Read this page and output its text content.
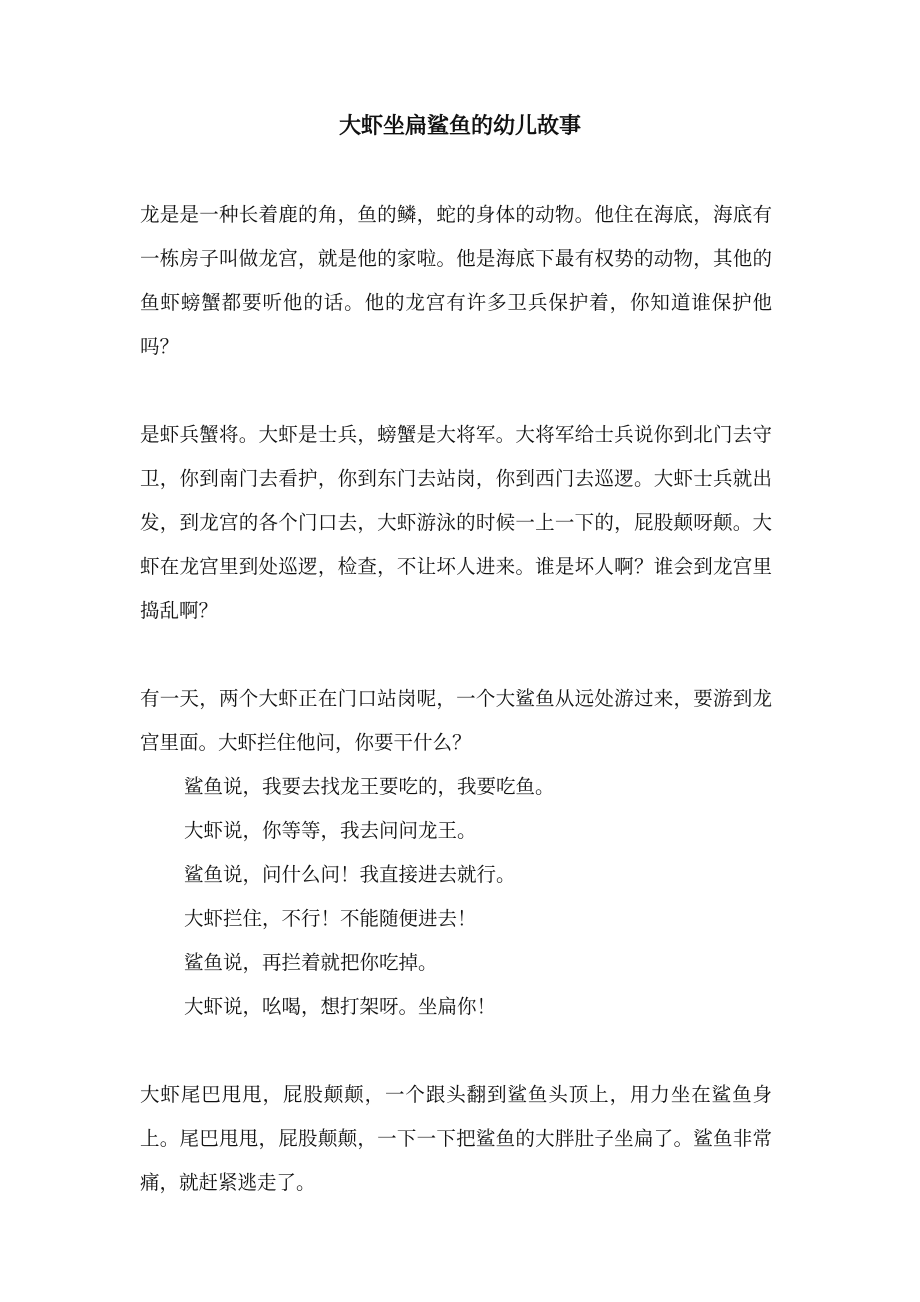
大虾坐扁鲨鱼的幼儿故事

龙是是一种长着鹿的角，鱼的鳞，蛇的身体的动物。他住在海底，海底有一栋房子叫做龙宫，就是他的家啦。他是海底下最有权势的动物，其他的鱼虾螃蟹都要听他的话。他的龙宫有许多卫兵保护着，你知道谁保护他吗？

是虾兵蟹将。大虾是士兵，螃蟹是大将军。大将军给士兵说你到北门去守卫，你到南门去看护，你到东门去站岗，你到西门去巡逻。大虾士兵就出发，到龙宫的各个门口去，大虾游泳的时候一上一下的，屁股颠呀颠。大虾在龙宫里到处巡逻，检查，不让坏人进来。谁是坏人啊？谁会到龙宫里捣乱啊？

有一天，两个大虾正在门口站岗呢，一个大鲨鱼从远处游过来，要游到龙宫里面。大虾拦住他问，你要干什么？

鲨鱼说，我要去找龙王要吃的，我要吃鱼。

大虾说，你等等，我去问问龙王。

鲨鱼说，问什么问！我直接进去就行。

大虾拦住，不行！不能随便进去！

鲨鱼说，再拦着就把你吃掉。

大虾说，吆喝，想打架呀。坐扁你！

大虾尾巴甩甩，屁股颠颠，一个跟头翻到鲨鱼头顶上，用力坐在鲨鱼身上。尾巴甩甩，屁股颠颠，一下一下把鲨鱼的大胖肚子坐扁了。鲨鱼非常痛，就赶紧逃走了。
